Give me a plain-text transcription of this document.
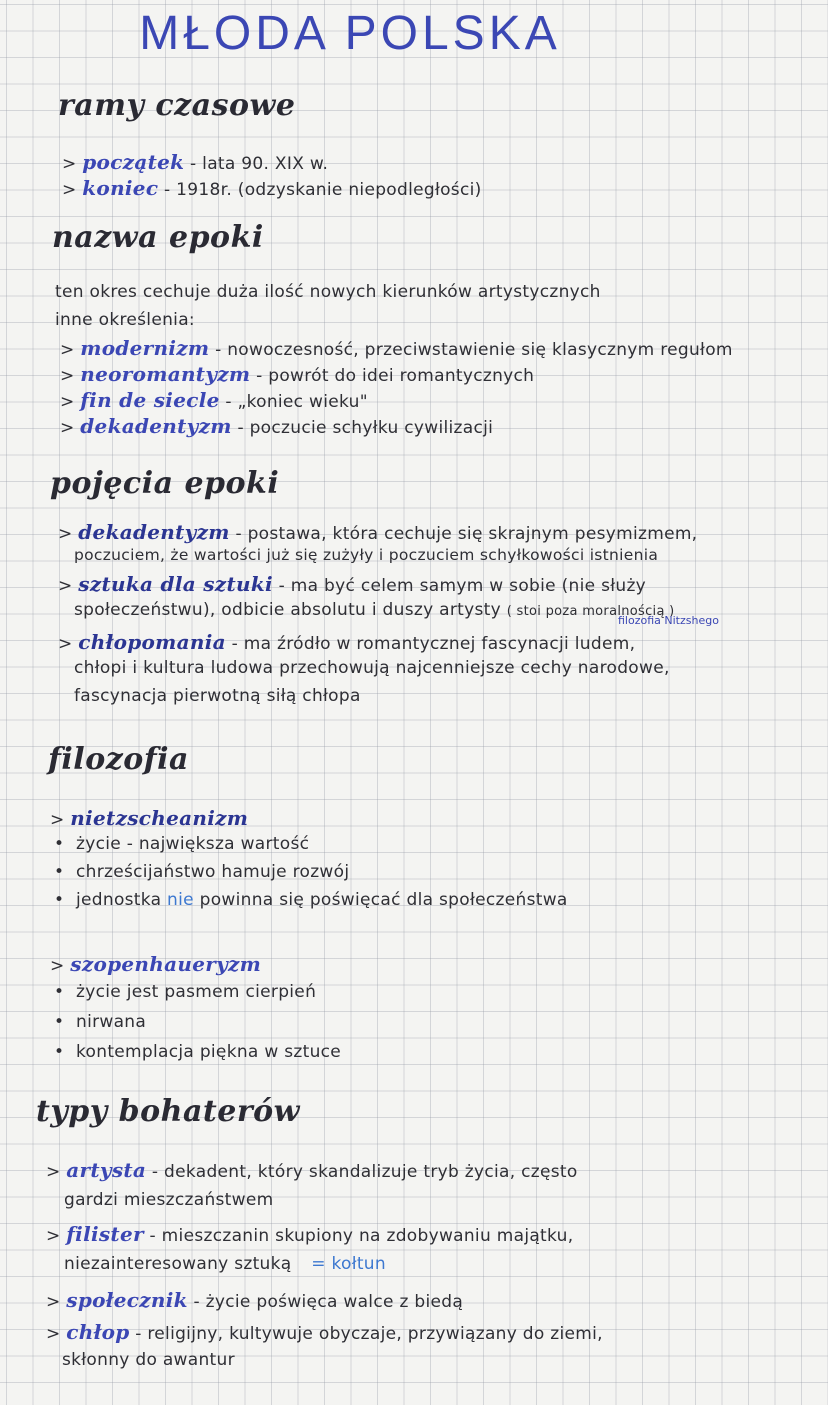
MŁODA POLSKA
ramy czasowe
> początek - lata 90. XIX w.
> koniec - 1918r. (odzyskanie niepodległości)
nazwa epoki
ten okres cechuje duża ilość nowych kierunków artystycznych
inne określenia:
> modernizm - nowoczesność, przeciwstawienie się klasycznym regułom
> neoromantyzm - powrót do idei romantycznych
> fin de siecle - „koniec wieku"
> dekadentyzm - poczucie schyłku cywilizacji
pojęcia epoki
> dekadentyzm - postawa, która cechuje się skrajnym pesymizmem,
poczuciem, że wartości już się zużyły i poczuciem schyłkowości istnienia
> sztuka dla sztuki - ma być celem samym w sobie (nie służy
społeczeństwu), odbicie absolutu i duszy artysty ( stoi poza moralnością )
filozofia Nitzshego
> chłopomania - ma źródło w romantycznej fascynacji ludem,
chłopi i kultura ludowa przechowują najcenniejsze cechy narodowe,
fascynacja pierwotną siłą chłopa
filozofia
> nietzscheanizm
• życie - największa wartość
• chrześcijaństwo hamuje rozwój
• jednostka nie powinna się poświęcać dla społeczeństwa
> szopenhaueryzm
• życie jest pasmem cierpień
• nirwana
• kontemplacja piękna w sztuce
typy bohaterów
> artysta - dekadent, który skandalizuje tryb życia, często
gardzi mieszczaństwem
> filister - mieszczanin skupiony na zdobywaniu majątku,
niezainteresowany sztuką = kołtun
> społecznik - życie poświęca walce z biedą
> chłop - religijny, kultywuje obyczaje, przywiązany do ziemi,
skłonny do awantur
